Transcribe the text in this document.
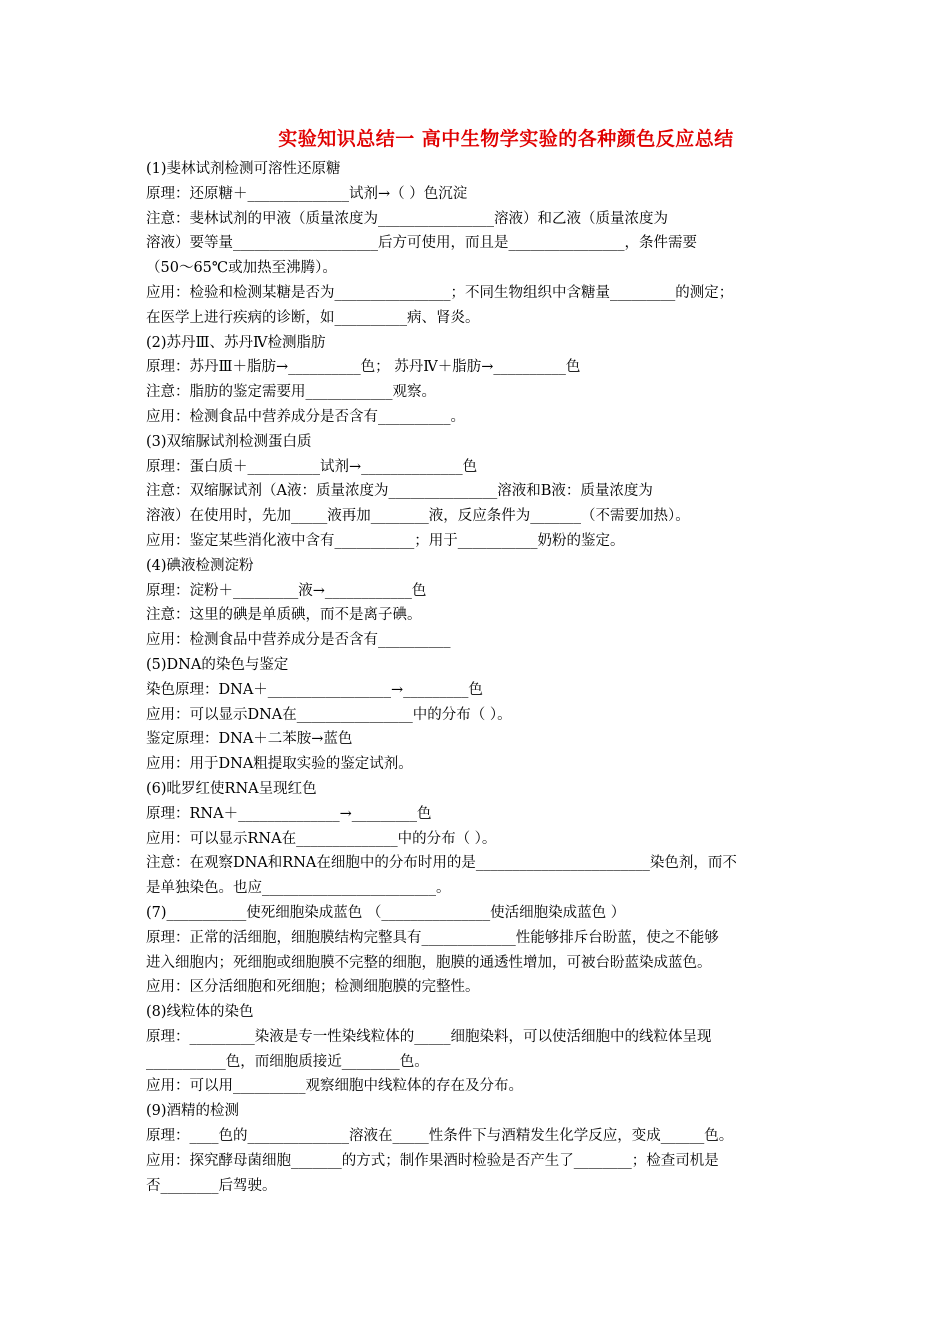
实验知识总结一 高中生物学实验的各种颜色反应总结
(1)斐林试剂检测可溶性还原糖
原理：还原糖＋______________试剂→（ ）色沉淀
注意：斐林试剂的甲液（质量浓度为________________溶液）和乙液（质量浓度为
溶液）要等量____________________后方可使用，而且是________________，条件需要
（50～65℃或加热至沸腾）。
应用：检验和检测某糖是否为________________；不同生物组织中含糖量_________的测定；
在医学上进行疾病的诊断，如__________病、肾炎。
(2)苏丹Ⅲ、苏丹Ⅳ检测脂肪
原理：苏丹Ⅲ＋脂肪→__________色； 苏丹Ⅳ＋脂肪→__________色
注意：脂肪的鉴定需要用____________观察。
应用：检测食品中营养成分是否含有__________。
(3)双缩脲试剂检测蛋白质
原理：蛋白质＋__________试剂→______________色
注意：双缩脲试剂（A液：质量浓度为_______________溶液和B液：质量浓度为
溶液）在使用时，先加_____液再加________液，反应条件为_______（不需要加热）。
应用：鉴定某些消化液中含有___________；用于___________奶粉的鉴定。
(4)碘液检测淀粉
原理：淀粉＋_________液→____________色
注意：这里的碘是单质碘，而不是离子碘。
应用：检测食品中营养成分是否含有__________
(5)DNA的染色与鉴定
染色原理：DNA＋_________________→_________色
应用：可以显示DNA在________________中的分布（ ）。
鉴定原理：DNA＋二苯胺→蓝色
应用：用于DNA粗提取实验的鉴定试剂。
(6)吡罗红使RNA呈现红色
原理：RNA＋______________→_________色
应用：可以显示RNA在______________中的分布（ ）。
注意：在观察DNA和RNA在细胞中的分布时用的是________________________染色剂，而不
是单独染色。也应________________________。
(7)___________使死细胞染成蓝色 （_______________使活细胞染成蓝色 ）
原理：正常的活细胞，细胞膜结构完整具有_____________性能够排斥台盼蓝，使之不能够
进入细胞内；死细胞或细胞膜不完整的细胞，胞膜的通透性增加，可被台盼蓝染成蓝色。
应用：区分活细胞和死细胞；检测细胞膜的完整性。
(8)线粒体的染色
原理：_________染液是专一性染线粒体的_____细胞染料，可以使活细胞中的线粒体呈现
___________色，而细胞质接近________色。
应用：可以用__________观察细胞中线粒体的存在及分布。
(9)酒精的检测
原理：____色的______________溶液在_____性条件下与酒精发生化学反应，变成______色。
应用：探究酵母菌细胞_______的方式；制作果酒时检验是否产生了________；检查司机是
否________后驾驶。
